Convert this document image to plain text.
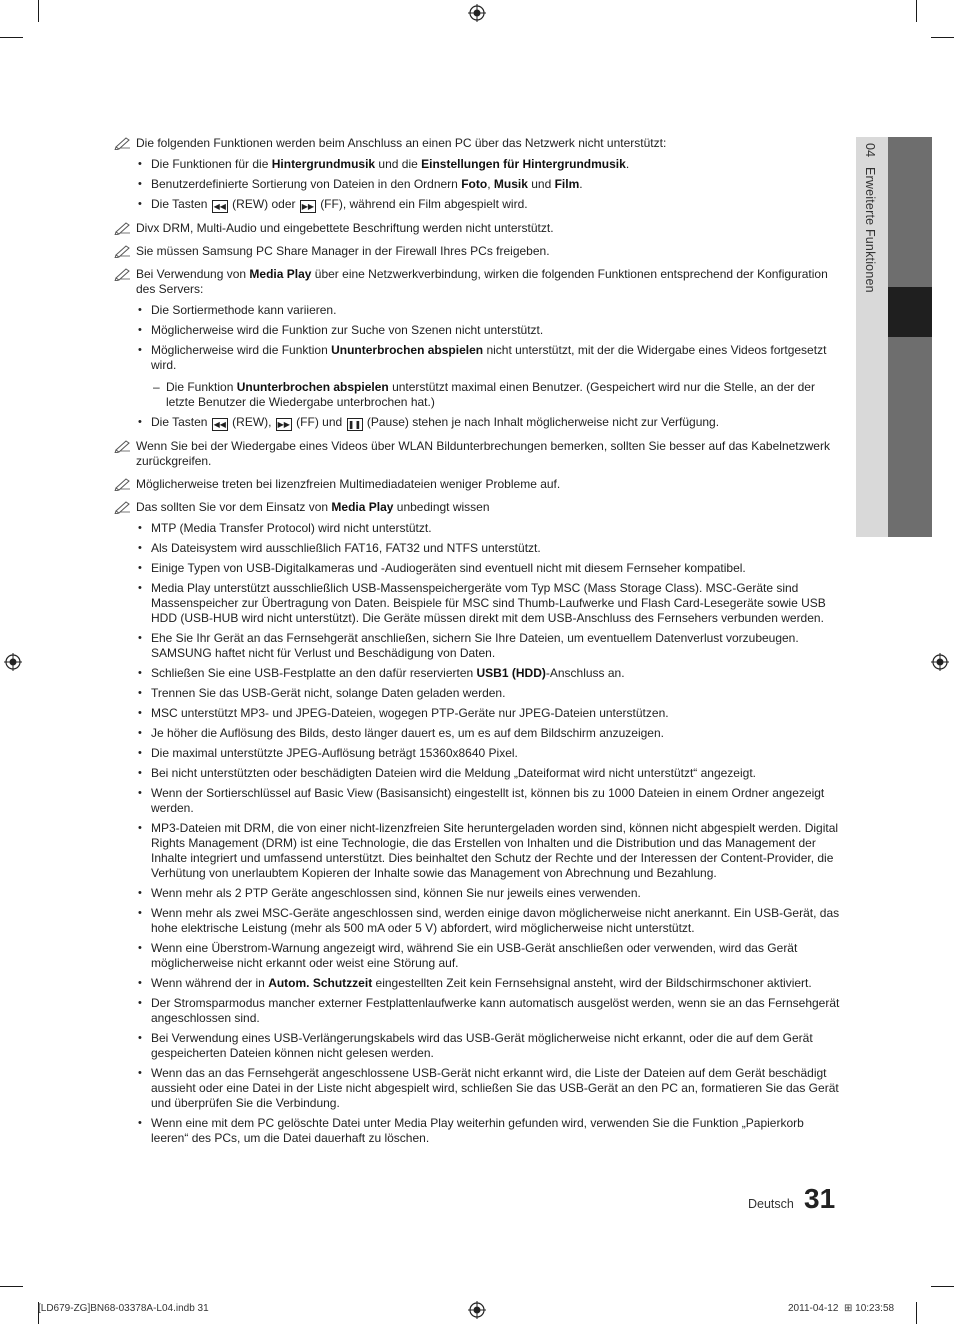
04 Erweiterte Funktionen
Die folgenden Funktionen werden beim Anschluss an einen PC über das Netzwerk nicht unterstützt:
• Die Funktionen für die Hintergrundmusik und die Einstellungen für Hintergrundmusik.
• Benutzerdefinierte Sortierung von Dateien in den Ordnern Foto, Musik und Film.
• Die Tasten ◀◀ (REW) oder ▶▶ (FF), während ein Film abgespielt wird.
Divx DRM, Multi-Audio und eingebettete Beschriftung werden nicht unterstützt.
Sie müssen Samsung PC Share Manager in der Firewall Ihres PCs freigeben.
Bei Verwendung von Media Play über eine Netzwerkverbindung, wirken die folgenden Funktionen entsprechend der Konfiguration des Servers:
• Die Sortiermethode kann variieren.
• Möglicherweise wird die Funktion zur Suche von Szenen nicht unterstützt.
• Möglicherweise wird die Funktion Ununterbrochen abspielen nicht unterstützt, mit der die Widergabe eines Videos fortgesetzt wird.
– Die Funktion Ununterbrochen abspielen unterstützt maximal einen Benutzer. (Gespeichert wird nur die Stelle, an der der letzte Benutzer die Wiedergabe unterbrochen hat.)
• Die Tasten ◀◀ (REW), ▶▶ (FF) und ❚❚ (Pause) stehen je nach Inhalt möglicherweise nicht zur Verfügung.
Wenn Sie bei der Wiedergabe eines Videos über WLAN Bildunterbrechungen bemerken, sollten Sie besser auf das Kabelnetzwerk zurückgreifen.
Möglicherweise treten bei lizenzfreien Multimediadateien weniger Probleme auf.
Das sollten Sie vor dem Einsatz von Media Play unbedingt wissen
• MTP (Media Transfer Protocol) wird nicht unterstützt.
• Als Dateisystem wird ausschließlich FAT16, FAT32 und NTFS unterstützt.
• Einige Typen von USB-Digitalkameras und -Audiogeräten sind eventuell nicht mit diesem Fernseher kompatibel.
• Media Play unterstützt ausschließlich USB-Massenspeichergeräte vom Typ MSC (Mass Storage Class). MSC-Geräte sind Massenspeicher zur Übertragung von Daten. Beispiele für MSC sind Thumb-Laufwerke und Flash Card-Lesegeräte sowie USB HDD (USB-HUB wird nicht unterstützt). Die Geräte müssen direkt mit dem USB-Anschluss des Fernsehers verbunden werden.
• Ehe Sie Ihr Gerät an das Fernsehgerät anschließen, sichern Sie Ihre Dateien, um eventuellem Datenverlust vorzubeugen. SAMSUNG haftet nicht für Verlust und Beschädigung von Daten.
• Schließen Sie eine USB-Festplatte an den dafür reservierten USB1 (HDD)-Anschluss an.
• Trennen Sie das USB-Gerät nicht, solange Daten geladen werden.
• MSC unterstützt MP3- und JPEG-Dateien, wogegen PTP-Geräte nur JPEG-Dateien unterstützen.
• Je höher die Auflösung des Bilds, desto länger dauert es, um es auf dem Bildschirm anzuzeigen.
• Die maximal unterstützte JPEG-Auflösung beträgt 15360x8640 Pixel.
• Bei nicht unterstützten oder beschädigten Dateien wird die Meldung „Dateiformat wird nicht unterstützt“ angezeigt.
• Wenn der Sortierschlüssel auf Basic View (Basisansicht) eingestellt ist, können bis zu 1000 Dateien in einem Ordner angezeigt werden.
• MP3-Dateien mit DRM, die von einer nicht-lizenzfreien Site heruntergeladen worden sind, können nicht abgespielt werden. Digital Rights Management (DRM) ist eine Technologie, die das Erstellen von Inhalten und die Distribution und das Management der Inhalte integriert und umfassend unterstützt. Dies beinhaltet den Schutz der Rechte und der Interessen der Content-Provider, die Verhütung von unerlaubtem Kopieren der Inhalte sowie das Management von Abrechnung und Bezahlung.
• Wenn mehr als 2 PTP Geräte angeschlossen sind, können Sie nur jeweils eines verwenden.
• Wenn mehr als zwei MSC-Geräte angeschlossen sind, werden einige davon möglicherweise nicht anerkannt. Ein USB-Gerät, das hohe elektrische Leistung (mehr als 500 mA oder 5 V) abfordert, wird möglicherweise nicht unterstützt.
• Wenn eine Überstrom-Warnung angezeigt wird, während Sie ein USB-Gerät anschließen oder verwenden, wird das Gerät möglicherweise nicht erkannt oder weist eine Störung auf.
• Wenn während der in Autom. Schutzzeit eingestellten Zeit kein Fernsehsignal ansteht, wird der Bildschirmschoner aktiviert.
• Der Stromsparmodus mancher externer Festplattenlaufwerke kann automatisch ausgelöst werden, wenn sie an das Fernsehgerät angeschlossen sind.
• Bei Verwendung eines USB-Verlängerungskabels wird das USB-Gerät möglicherweise nicht erkannt, oder die auf dem Gerät gespeicherten Dateien können nicht gelesen werden.
• Wenn das an das Fernsehgerät angeschlossene USB-Gerät nicht erkannt wird, die Liste der Dateien auf dem Gerät beschädigt aussieht oder eine Datei in der Liste nicht abgespielt wird, schließen Sie das USB-Gerät an den PC an, formatieren Sie das Gerät und überprüfen Sie die Verbindung.
• Wenn eine mit dem PC gelöschte Datei unter Media Play weiterhin gefunden wird, verwenden Sie die Funktion „Papierkorb leeren“ des PCs, um die Datei dauerhaft zu löschen.
Deutsch 31
[LD679-ZG]BN68-03378A-L04.indb 31	2011-04-12 ⊞ 10:23:58
